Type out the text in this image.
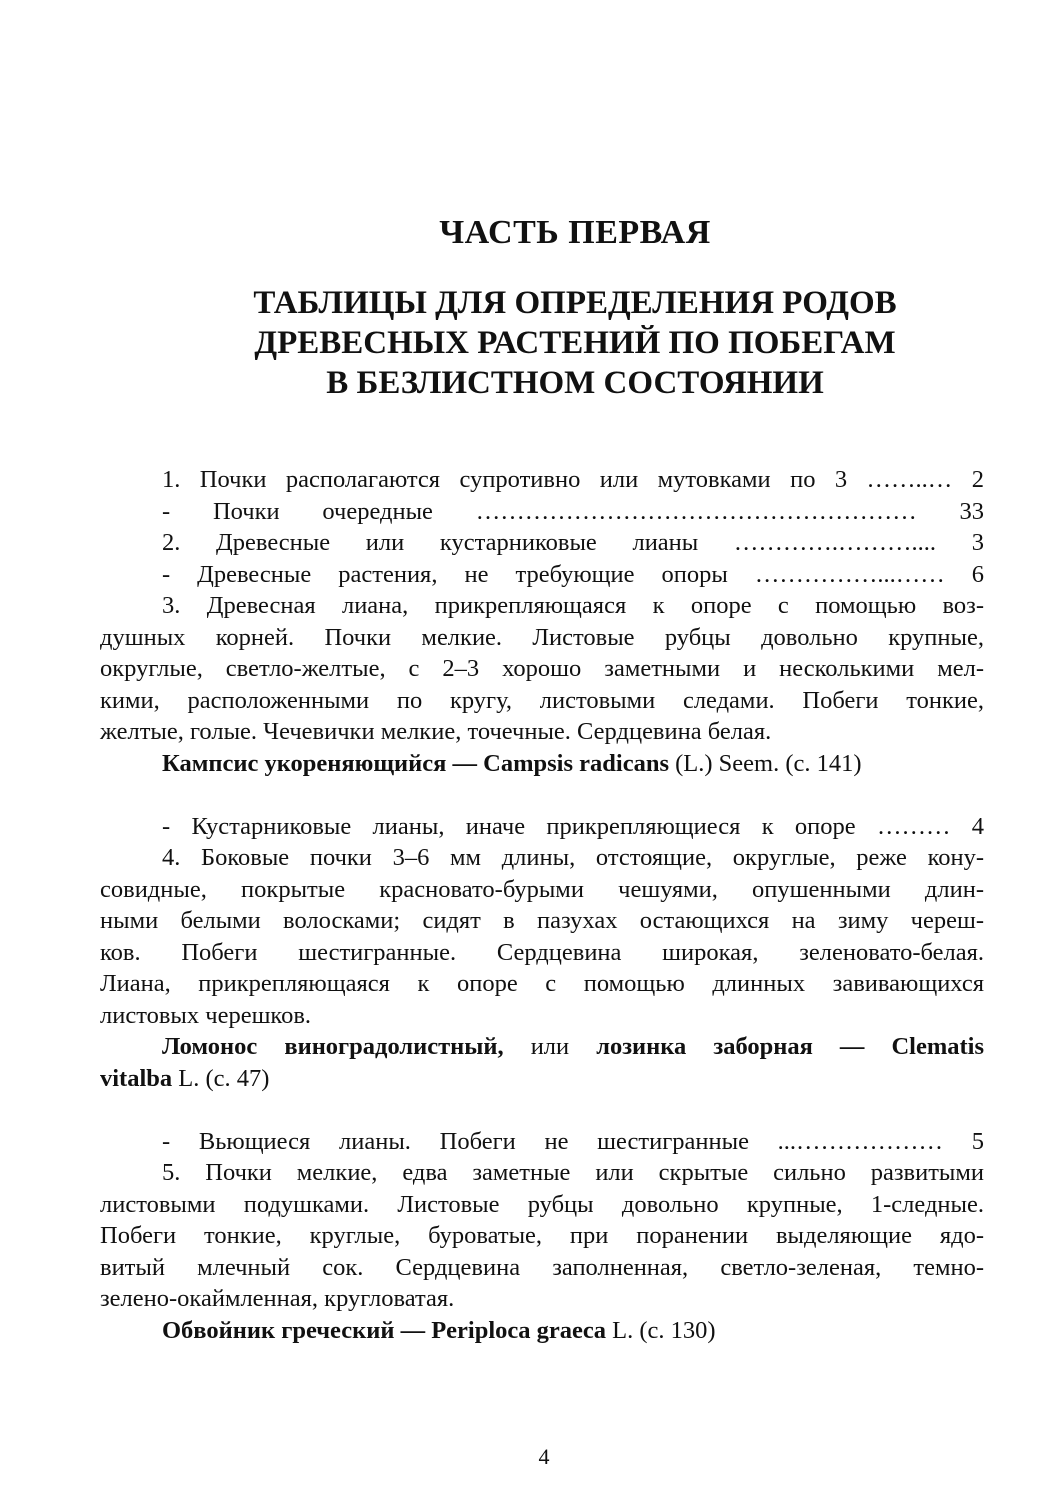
ЧАСТЬ ПЕРВАЯ
ТАБЛИЦЫ ДЛЯ ОПРЕДЕЛЕНИЯ РОДОВ
ДРЕВЕСНЫХ РАСТЕНИЙ ПО ПОБЕГАМ
В БЕЗЛИСТНОМ СОСТОЯНИИ
1. Почки располагаются супротивно или мутовками по 3 ……..… 2
- Почки очередные ……………………………………………… 33
2. Древесные или кустарниковые лианы ………….……….... 3
- Древесные растения, не требующие опоры ……………...…… 6
3. Древесная лиана, прикрепляющаяся к опоре с помощью воз-
душных корней. Почки мелкие. Листовые рубцы довольно крупные,
округлые, светло-желтые, с 2–3 хорошо заметными и несколькими мел-
кими, расположенными по кругу, листовыми следами. Побеги тонкие,
желтые, голые. Чечевички мелкие, точечные. Сердцевина белая.
Кампсис укореняющийся — Campsis radicans (L.) Seem. (с. 141)
- Кустарниковые лианы, иначе прикрепляющиеся к опоре ……… 4
4. Боковые почки 3–6 мм длины, отстоящие, округлые, реже кону-
совидные, покрытые красновато-бурыми чешуями, опушенными длин-
ными белыми волосками; сидят в пазухах остающихся на зиму череш-
ков. Побеги шестигранные. Сердцевина широкая, зеленовато-белая.
Лиана, прикрепляющаяся к опоре с помощью длинных завивающихся
листовых черешков.
Ломонос виноградолистный, или лозинка заборная — Clematis
vitalba L. (с. 47)
- Вьющиеся лианы. Побеги не шестигранные ...……………… 5
5. Почки мелкие, едва заметные или скрытые сильно развитыми
листовыми подушками. Листовые рубцы довольно крупные, 1-следные.
Побеги тонкие, круглые, буроватые, при поранении выделяющие ядо-
витый млечный сок. Сердцевина заполненная, светло-зеленая, темно-
зелено-окаймленная, кругловатая.
Обвойник греческий — Periploca graeca L. (с. 130)
4
